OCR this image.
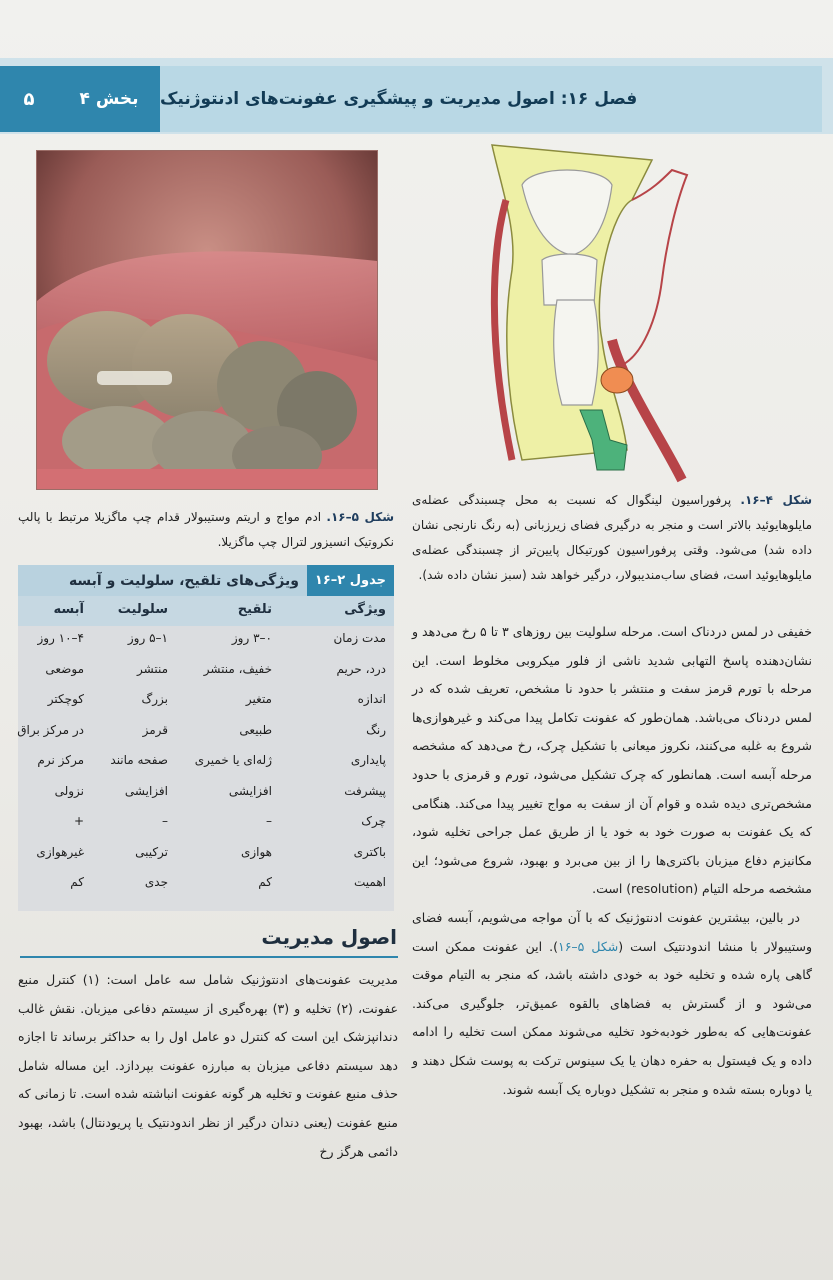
۵	بخش ۴	فصل ۱۶: اصول مدیریت و پیشگیری عفونت‌های ادنتوژنیک
شکل ۴–۱۶. پرفوراسیون لینگوال که نسبت به محل چسبندگی عضله‌ی مایلوهایوئید بالاتر است و منجر به درگیری فضای زیرزبانی (به رنگ نارنجی نشان داده شد) می‌شود. وقتی پرفوراسیون کورتیکال پایین‌تر از چسبندگی عضله‌ی مایلوهایوئید است، فضای ساب‌مندیبولار، درگیر خواهد شد (سبز نشان داده شد).
شکل ۵–۱۶. ادم مواج و اریتم وستیبولار قدام چپ ماگزیلا مرتبط با پالپ نکروتیک انسیزور لترال چپ ماگزیلا.
جدول ۲–۱۶
ویژگی‌های تلقیح، سلولیت و آبسه
ویژگی
تلقیح
سلولیت
آبسه
مدت زمان
۰–۳ روز
۱–۵ روز
۴–۱۰ روز
درد، حریم
خفیف، منتشر
منتشر
موضعی
اندازه
متغیر
بزرگ
کوچکتر
رنگ
طبیعی
قرمز
در مرکز براق
پایداری
ژله‌ای یا خمیری
صفحه مانند
مرکز نرم
پیشرفت
افزایشی
افزایشی
نزولی
چرک
–
–
+
باکتری
هوازی
ترکیبی
غیرهوازی
اهمیت
کم
جدی
کم

خفیفی در لمس دردناک است. مرحله سلولیت بین روزهای ۳ تا ۵ رخ می‌دهد و نشان‌دهنده پاسخ التهابی شدید ناشی از فلور میکروبی مخلوط است. این مرحله با تورم قرمز سفت و منتشر با حدود نا مشخص، تعریف شده که در لمس دردناک می‌باشد. همان‌طور که عفونت تکامل پیدا می‌کند و غیرهوازی‌ها شروع به غلبه می‌کنند، نکروز میعانی با تشکیل چرک، رخ می‌دهد که مشخصه مرحله آبسه است. همانطور که چرک تشکیل می‌شود، تورم و قرمزی با حدود مشخص‌تری دیده شده و قوام آن از سفت به مواج تغییر پیدا می‌کند. هنگامی که یک عفونت به صورت خود به خود یا از طریق عمل جراحی تخلیه شود، مکانیزم دفاع میزبان باکتری‌ها را از بین می‌برد و بهبود، شروع می‌شود؛ این مشخصه مرحله التیام (resolution) است.

در بالین، بیشترین عفونت ادنتوژنیک که با آن مواجه می‌شویم، آبسه فضای وستیبولار با منشا اندودنتیک است (شکل ۵–۱۶). این عفونت ممکن است گاهی پاره شده و تخلیه خود به خودی داشته باشد، که منجر به التیام موقت می‌شود و از گسترش به فضاهای بالقوه عمیق‌تر، جلوگیری می‌کند. عفونت‌هایی که به‌طور خودبه‌خود تخلیه می‌شوند ممکن است تخلیه را ادامه داده و یک فیستول به حفره دهان یا یک سینوس ترکت به پوست شکل دهند و یا دوباره بسته شده و منجر به تشکیل دوباره یک آبسه شوند.

اصول مدیریت

مدیریت عفونت‌های ادنتوژنیک شامل سه عامل است: (۱) کنترل منبع عفونت، (۲) تخلیه و (۳) بهره‌گیری از سیستم دفاعی میزبان. نقش غالب دندانپزشک این است که کنترل دو عامل اول را به حداکثر برساند تا اجازه دهد سیستم دفاعی میزبان به مبارزه عفونت بپردازد. این مساله شامل حذف منبع عفونت و تخلیه هر گونه عفونت انباشته شده است. تا زمانی که منبع عفونت (یعنی دندان درگیر از نظر اندودنتیک یا پریودنتال) باشد، بهبود دائمی هرگز رخ
